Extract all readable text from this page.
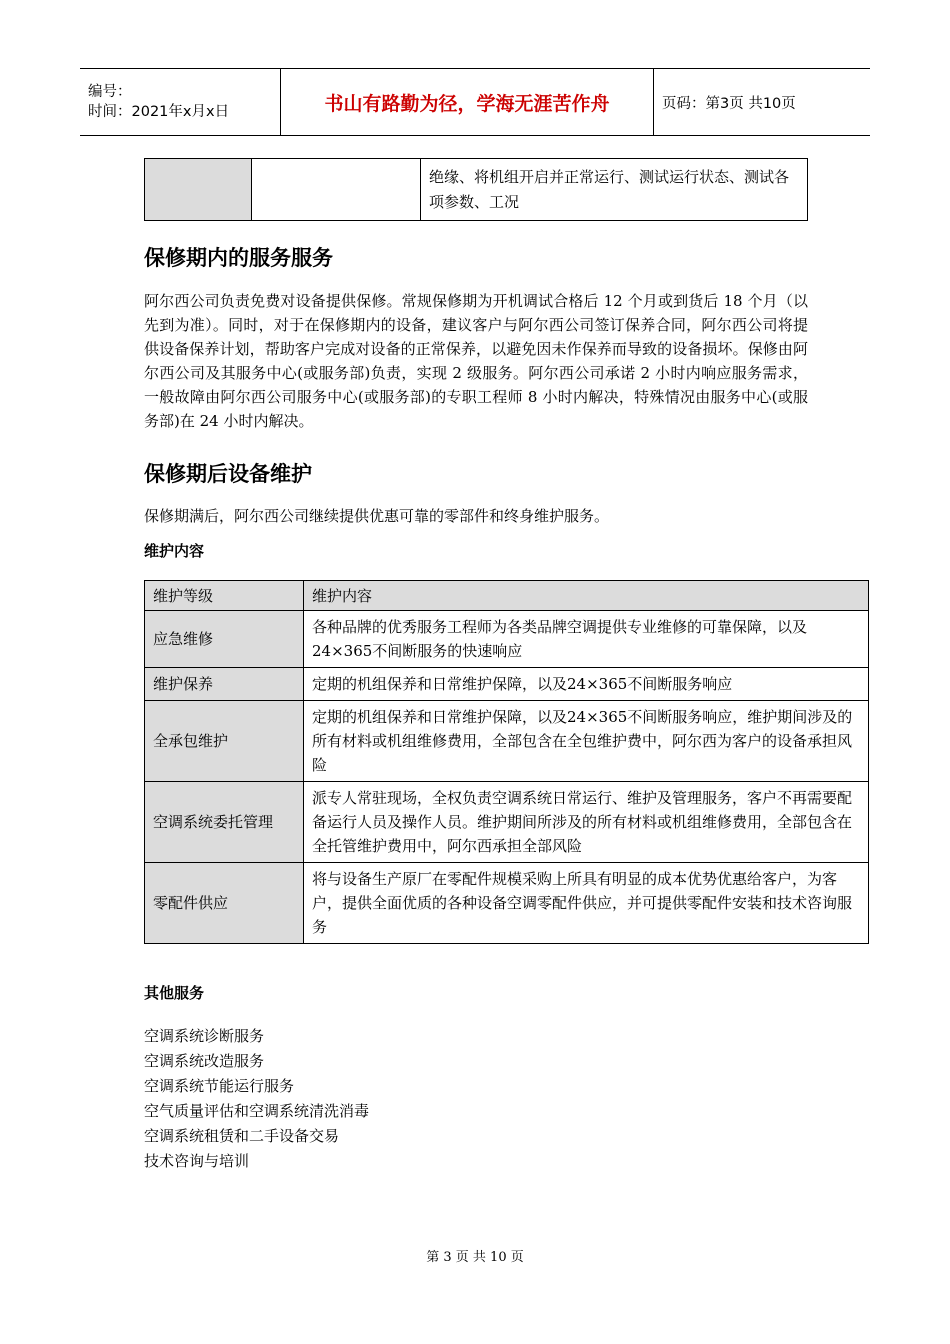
编号：
时间：2021年x月x日	书山有路勤为径，学海无涯苦作舟	页码：第3页 共10页
		绝缘、将机组开启并正常运行、测试运行状态、测试各项参数、工况
保修期内的服务服务

阿尔西公司负责免费对设备提供保修。常规保修期为开机调试合格后 12 个月或到货后 18 个月（以先到为准）。同时，对于在保修期内的设备，建议客户与阿尔西公司签订保养合同，阿尔西公司将提供设备保养计划，帮助客户完成对设备的正常保养，以避免因未作保养而导致的设备损坏。保修由阿尔西公司及其服务中心(或服务部)负责，实现 2 级服务。阿尔西公司承诺 2 小时内响应服务需求，一般故障由阿尔西公司服务中心(或服务部)的专职工程师 8 小时内解决，特殊情况由服务中心(或服务部)在 24 小时内解决。

保修期后设备维护

保修期满后，阿尔西公司继续提供优惠可靠的零部件和终身维护服务。

维护内容
维护等级	维护内容
应急维修	各种品牌的优秀服务工程师为各类品牌空调提供专业维修的可靠保障，以及24×365不间断服务的快速响应
维护保养	定期的机组保养和日常维护保障，以及24×365不间断服务响应
全承包维护	定期的机组保养和日常维护保障，以及24×365不间断服务响应，维护期间涉及的所有材料或机组维修费用，全部包含在全包维护费中，阿尔西为客户的设备承担风险
空调系统委托管理	派专人常驻现场，全权负责空调系统日常运行、维护及管理服务，客户不再需要配备运行人员及操作人员。维护期间所涉及的所有材料或机组维修费用，全部包含在全托管维护费用中，阿尔西承担全部风险
零配件供应	将与设备生产原厂在零配件规模采购上所具有明显的成本优势优惠给客户，为客户，提供全面优质的各种设备空调零配件供应，并可提供零配件安装和技术咨询服务
其他服务
空调系统诊断服务
空调系统改造服务
空调系统节能运行服务
空气质量评估和空调系统清洗消毒
空调系统租赁和二手设备交易
技术咨询与培训
第 3 页 共 10 页
